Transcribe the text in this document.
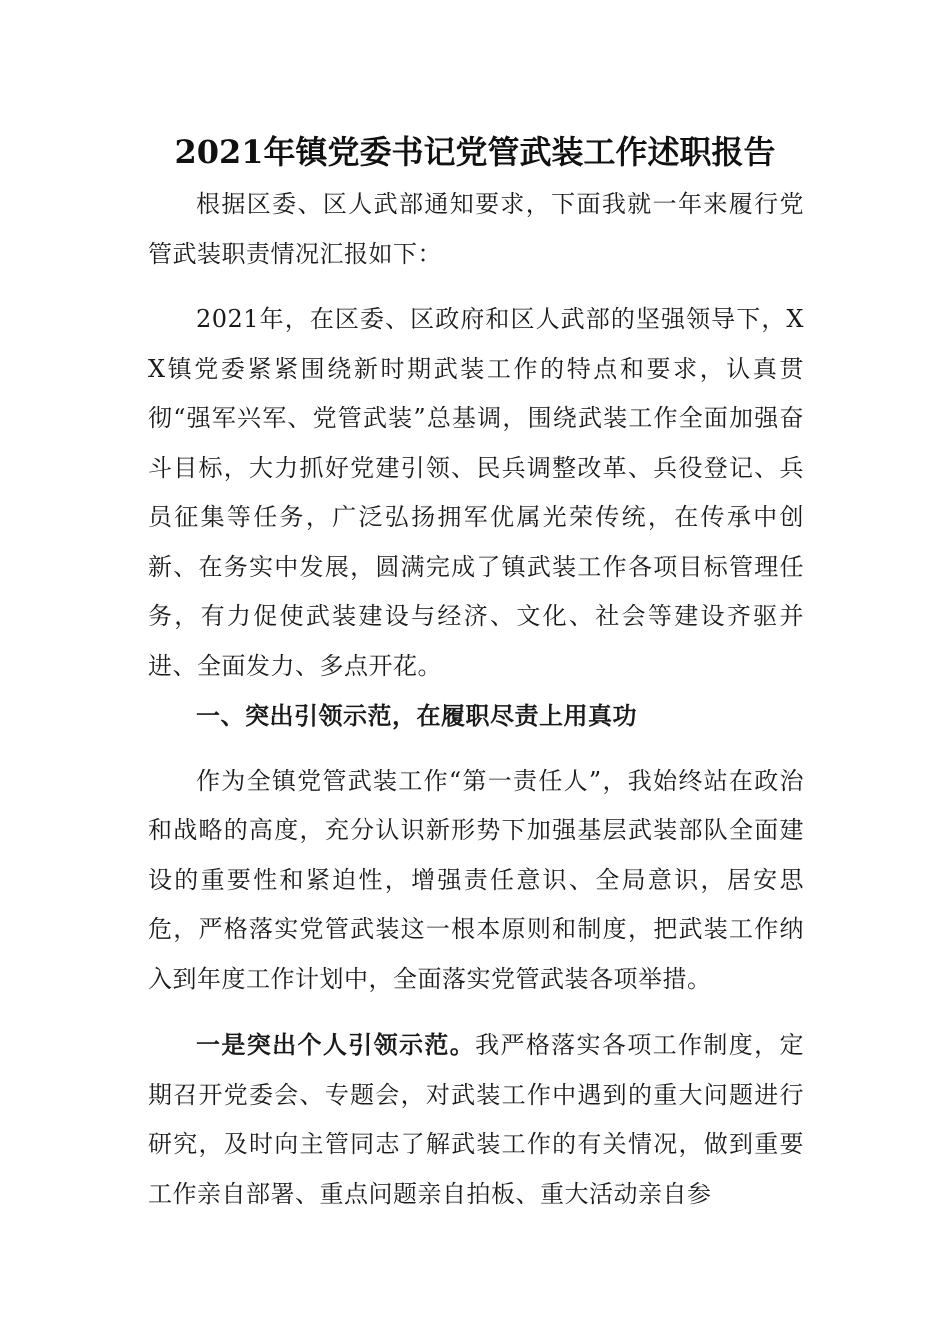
2021年镇党委书记党管武装工作述职报告

根据区委、区人武部通知要求，下面我就一年来履行党管武装职责情况汇报如下：

2021年，在区委、区政府和区人武部的坚强领导下，XX镇党委紧紧围绕新时期武装工作的特点和要求，认真贯彻“强军兴军、党管武装”总基调，围绕武装工作全面加强奋斗目标，大力抓好党建引领、民兵调整改革、兵役登记、兵员征集等任务，广泛弘扬拥军优属光荣传统，在传承中创新、在务实中发展，圆满完成了镇武装工作各项目标管理任务，有力促使武装建设与经济、文化、社会等建设齐驱并进、全面发力、多点开花。

一、突出引领示范，在履职尽责上用真功

作为全镇党管武装工作“第一责任人”，我始终站在政治和战略的高度，充分认识新形势下加强基层武装部队全面建设的重要性和紧迫性，增强责任意识、全局意识，居安思危，严格落实党管武装这一根本原则和制度，把武装工作纳入到年度工作计划中，全面落实党管武装各项举措。

一是突出个人引领示范。我严格落实各项工作制度，定期召开党委会、专题会，对武装工作中遇到的重大问题进行研究，及时向主管同志了解武装工作的有关情况，做到重要工作亲自部署、重点问题亲自拍板、重大活动亲自参
